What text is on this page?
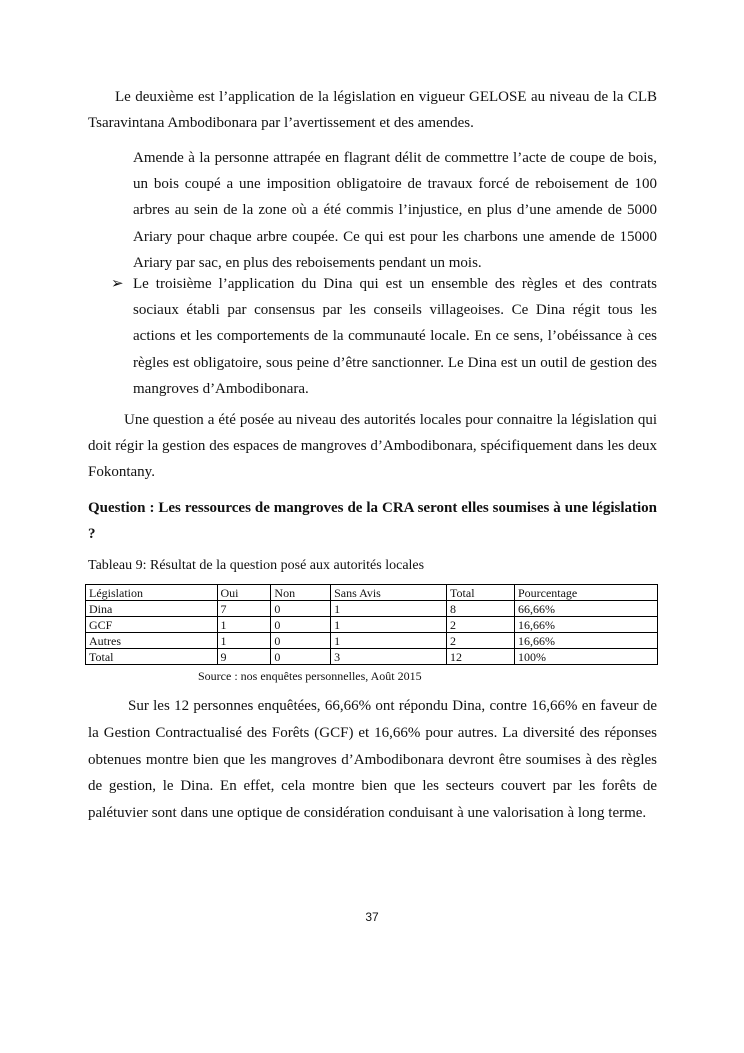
Le deuxième est l’application de la législation en vigueur GELOSE au niveau de la CLB Tsaravintana Ambodibonara par l’avertissement et des amendes.
Amende à la personne attrapée en flagrant délit de commettre l’acte de coupe de bois, un bois coupé a une imposition obligatoire de travaux forcé de reboisement de 100 arbres au sein de la zone où a été commis l’injustice, en plus d’une amende de 5000 Ariary pour chaque arbre coupée. Ce qui est pour les charbons une amende de 15000 Ariary par sac, en plus des reboisements pendant un mois.
➢ Le troisième l’application du Dina qui est un ensemble des règles et des contrats sociaux établi par consensus par les conseils villageoises. Ce Dina régit tous les actions et les comportements de la communauté locale. En ce sens, l’obéissance à ces règles est obligatoire, sous peine d’être sanctionner. Le Dina est un outil de gestion des mangroves d’Ambodibonara.
Une question a été posée au niveau des autorités locales pour connaitre la législation qui doit régir la gestion des espaces de mangroves d’Ambodibonara, spécifiquement dans les deux Fokontany.
Question : Les ressources de mangroves de la CRA seront elles soumises à une législation ?
Tableau 9: Résultat de la question posé aux autorités locales
Législation	Oui	Non	Sans Avis	Total	Pourcentage
Dina	7	0	1	8	66,66%
GCF	1	0	1	2	16,66%
Autres	1	0	1	2	16,66%
Total	9	0	3	12	100%
Source : nos enquêtes personnelles, Août 2015
Sur les 12 personnes enquêtées, 66,66% ont répondu Dina, contre 16,66% en faveur de la Gestion Contractualisé des Forêts (GCF) et 16,66% pour autres. La diversité des réponses obtenues montre bien que les mangroves d’Ambodibonara devront être soumises à des règles de gestion, le Dina. En effet, cela montre bien que les secteurs couvert par les forêts de palétuvier sont dans une optique de considération conduisant à une valorisation à long terme.
37
